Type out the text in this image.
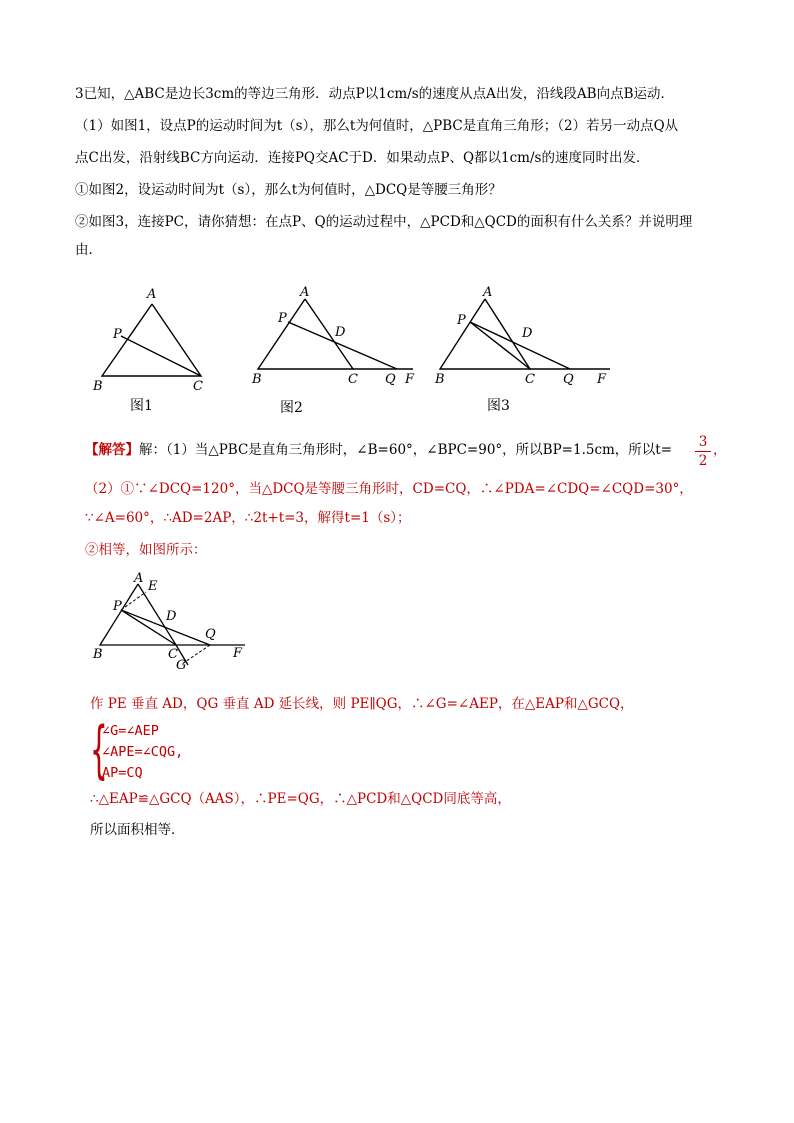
3已知，△ABC是边长3cm的等边三角形．动点P以1cm/s的速度从点A出发，沿线段AB向点B运动．
（1）如图1，设点P的运动时间为t（s），那么t为何值时，△PBC是直角三角形；（2）若另一动点Q从
点C出发，沿射线BC方向运动．连接PQ交AC于D．如果动点P、Q都以1cm/s的速度同时出发．
①如图2，设运动时间为t（s），那么t为何值时，△DCQ是等腰三角形？
②如图3，连接PC，请你猜想：在点P、Q的运动过程中，△PCD和△QCD的面积有什么关系？并说明理
由．
A
P
B	C
图1
A
P
D
B	C Q F
图2
A
P
D
B	C Q F
图3
【解答】解：（1）当△PBC是直角三角形时，∠B=60°，∠BPC=90°，所以BP=1.5cm，所以t= 3
2
，
（2）①∵∠DCQ=120°，当△DCQ是等腰三角形时，CD=CQ，∴∠PDA=∠CDQ=∠CQD=30°，
∵∠A=60°，∴AD=2AP，∴2t+t=3，解得t=1（s）；
②相等，如图所示：
A
E
P
D
Q
B	C
G
F
作 PE 垂直 AD，QG 垂直 AD 延长线，则 PE∥QG，∴∠G=∠AEP，在△EAP和△GCQ，
{
∠G=∠AEP
∠APE=∠CQG,
AP=CQ
∴△EAP≌△GCQ（AAS），∴PE=QG，∴△PCD和△QCD同底等高，
所以面积相等．
